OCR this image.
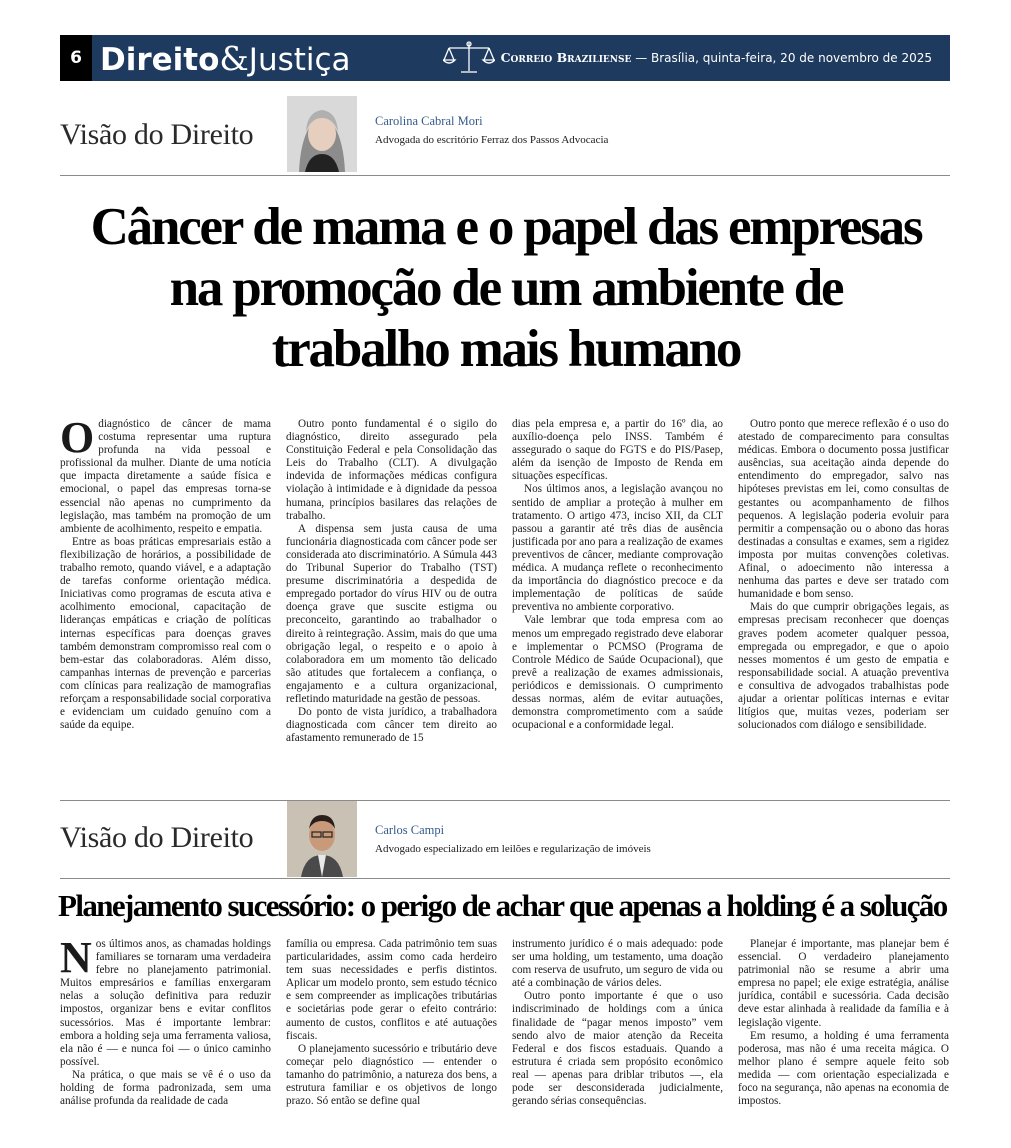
6 Direito&Justiça	Correio Braziliense — Brasília, quinta-feira, 20 de novembro de 2025
Visão do Direito	Carolina Cabral Mori
Advogada do escritório Ferraz dos Passos Advocacia
Câncer de mama e o papel das empresas
na promoção de um ambiente de
trabalho mais humano

O diagnóstico de câncer de mama costuma representar uma ruptura profunda na vida pessoal e profissional da mulher. Diante de uma notícia que impacta diretamente a saúde física e emocional, o papel das empresas torna-se essencial não apenas no cumprimento da legislação, mas também na promoção de um ambiente de acolhimento, respeito e empatia.

Entre as boas práticas empresariais estão a flexibilização de horários, a possibilidade de trabalho remoto, quando viável, e a adaptação de tarefas conforme orientação médica. Iniciativas como programas de escuta ativa e acolhimento emocional, capacitação de lideranças empáticas e criação de políticas internas específicas para doenças graves também demonstram compromisso real com o bem-estar das colaboradoras. Além disso, campanhas internas de prevenção e parcerias com clínicas para realização de mamografias reforçam a responsabilidade social corporativa e evidenciam um cuidado genuíno com a saúde da equipe.

Outro ponto fundamental é o sigilo do diagnóstico, direito assegurado pela Constituição Federal e pela Consolidação das Leis do Trabalho (CLT). A divulgação indevida de informações médicas configura violação à intimidade e à dignidade da pessoa humana, princípios basilares das relações de trabalho.

A dispensa sem justa causa de uma funcionária diagnosticada com câncer pode ser considerada ato discriminatório. A Súmula 443 do Tribunal Superior do Trabalho (TST) presume discriminatória a despedida de empregado portador do vírus HIV ou de outra doença grave que suscite estigma ou preconceito, garantindo ao trabalhador o direito à reintegração. Assim, mais do que uma obrigação legal, o respeito e o apoio à colaboradora em um momento tão delicado são atitudes que fortalecem a confiança, o engajamento e a cultura organizacional, refletindo maturidade na gestão de pessoas.

Do ponto de vista jurídico, a trabalhadora diagnosticada com câncer tem direito ao afastamento remunerado de 15

dias pela empresa e, a partir do 16º dia, ao auxílio-doença pelo INSS. Também é assegurado o saque do FGTS e do PIS/Pasep, além da isenção de Imposto de Renda em situações específicas.

Nos últimos anos, a legislação avançou no sentido de ampliar a proteção à mulher em tratamento. O artigo 473, inciso XII, da CLT passou a garantir até três dias de ausência justificada por ano para a realização de exames preventivos de câncer, mediante comprovação médica. A mudança reflete o reconhecimento da importância do diagnóstico precoce e da implementação de políticas de saúde preventiva no ambiente corporativo.

Vale lembrar que toda empresa com ao menos um empregado registrado deve elaborar e implementar o PCMSO (Programa de Controle Médico de Saúde Ocupacional), que prevê a realização de exames admissionais, periódicos e demissionais. O cumprimento dessas normas, além de evitar autuações, demonstra comprometimento com a saúde ocupacional e a conformidade legal.

Outro ponto que merece reflexão é o uso do atestado de comparecimento para consultas médicas. Embora o documento possa justificar ausências, sua aceitação ainda depende do entendimento do empregador, salvo nas hipóteses previstas em lei, como consultas de gestantes ou acompanhamento de filhos pequenos. A legislação poderia evoluir para permitir a compensação ou o abono das horas destinadas a consultas e exames, sem a rigidez imposta por muitas convenções coletivas. Afinal, o adoecimento não interessa a nenhuma das partes e deve ser tratado com humanidade e bom senso.

Mais do que cumprir obrigações legais, as empresas precisam reconhecer que doenças graves podem acometer qualquer pessoa, empregada ou empregador, e que o apoio nesses momentos é um gesto de empatia e responsabilidade social. A atuação preventiva e consultiva de advogados trabalhistas pode ajudar a orientar políticas internas e evitar litígios que, muitas vezes, poderiam ser solucionados com diálogo e sensibilidade.

Visão do Direito	Carlos Campi
Advogado especializado em leilões e regularização de imóveis
Planejamento sucessório: o perigo de achar que apenas a holding é a solução

Nos últimos anos, as chamadas holdings familiares se tornaram uma verdadeira febre no planejamento patrimonial. Muitos empresários e famílias enxergaram nelas a solução definitiva para reduzir impostos, organizar bens e evitar conflitos sucessórios. Mas é importante lembrar: embora a holding seja uma ferramenta valiosa, ela não é — e nunca foi — o único caminho possível.

Na prática, o que mais se vê é o uso da holding de forma padronizada, sem uma análise profunda da realidade de cada

família ou empresa. Cada patrimônio tem suas particularidades, assim como cada herdeiro tem suas necessidades e perfis distintos. Aplicar um modelo pronto, sem estudo técnico e sem compreender as implicações tributárias e societárias pode gerar o efeito contrário: aumento de custos, conflitos e até autuações fiscais.

O planejamento sucessório e tributário deve começar pelo diagnóstico — entender o tamanho do patrimônio, a natureza dos bens, a estrutura familiar e os objetivos de longo prazo. Só então se define qual

instrumento jurídico é o mais adequado: pode ser uma holding, um testamento, uma doação com reserva de usufruto, um seguro de vida ou até a combinação de vários deles.

Outro ponto importante é que o uso indiscriminado de holdings com a única finalidade de “pagar menos imposto” vem sendo alvo de maior atenção da Receita Federal e dos fiscos estaduais. Quando a estrutura é criada sem propósito econômico real — apenas para driblar tributos —, ela pode ser desconsiderada judicialmente, gerando sérias consequências.

Planejar é importante, mas planejar bem é essencial. O verdadeiro planejamento patrimonial não se resume a abrir uma empresa no papel; ele exige estratégia, análise jurídica, contábil e sucessória. Cada decisão deve estar alinhada à realidade da família e à legislação vigente.

Em resumo, a holding é uma ferramenta poderosa, mas não é uma receita mágica. O melhor plano é sempre aquele feito sob medida — com orientação especializada e foco na segurança, não apenas na economia de impostos.
